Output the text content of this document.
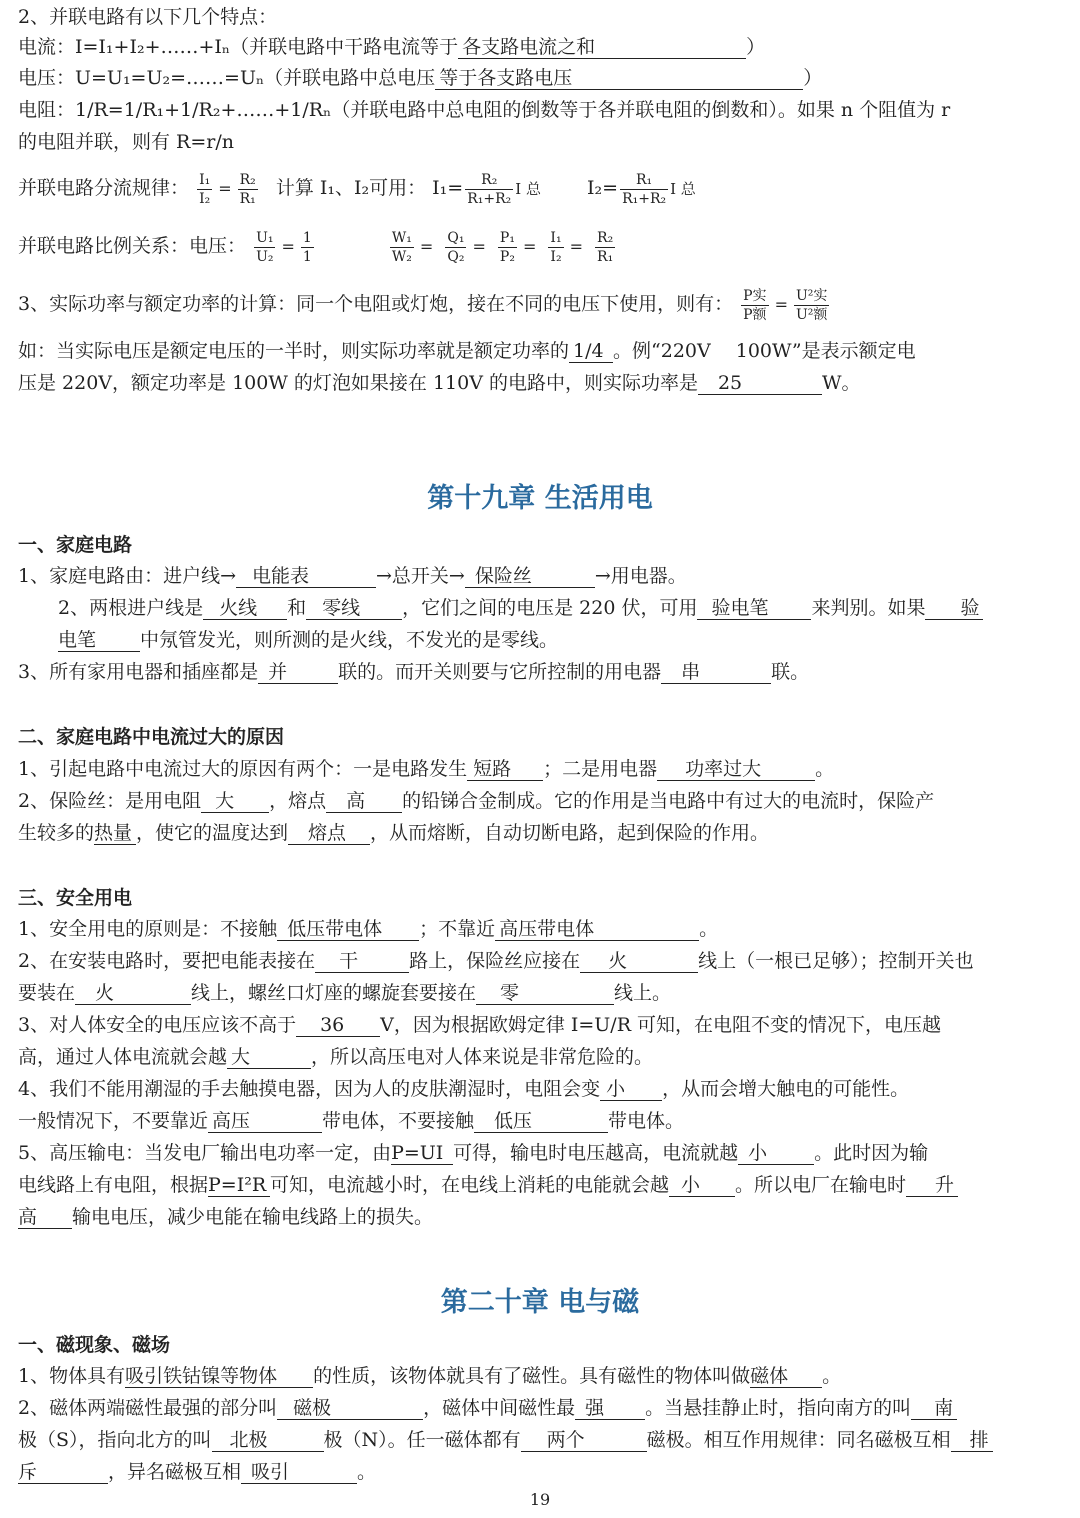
2、并联电路有以下几个特点：
电流：I=I₁+I₂+……+Iₙ（并联电路中干路电流等于 各支路电流之和	）
电压：U=U₁=U₂=……=Uₙ（并联电路中总电压 等于各支路电压	）
电阻：1/R=1/R₁+1/R₂+……+1/Rₙ（并联电路中总电阻的倒数等于各并联电阻的倒数和）。如果 n 个阻值为 r
的电阻并联，则有 R=r/n
并联电路分流规律： $\frac{\text{I₁}}{\text{I₂}} = \frac{\text{R₂}}{\text{R₁}}$ 计算 I₁、I₂可用： $I_1= \frac{\text{R₂}}{\text{R₁+R₂}}$ I 总 $I_2= \frac{\text{R₁}}{\text{R₁+R₂}}$ I 总
并联电路比例关系：电压： $\frac{\text{U₁}}{\text{U₂}} = \frac{1}{1}$
	$\frac{\text{W₁}}{\text{W₂}} = \frac{\text{Q₁}}{\text{Q₂}} = \frac{\text{P₁}}{\text{P₂}} = \frac{\text{I₁}}{\text{I₂}} = \frac{\text{R₂}}{\text{R₁}}$
3、实际功率与额定功率的计算：同一个电阻或灯炮，接在不同的电压下使用，则有： $\frac{\text{P实}}{\text{P额}} = \frac{\text{U²实}}{\text{U²额}}$
如：当实际电压是额定电压的一半时，则实际功率就是额定功率的 1/4 。例“220V　 100W”是表示额定电
压是 220V，额定功率是 100W 的灯泡如果接在 110V 的电路中，则实际功率是 25	W。
第十九章 生活用电
一、家庭电路
1、家庭电路由：进户线→ 电能表	→总开关→ 保险丝	→用电器。
2、两根进户线是 火线 和 零线 ，它们之间的电压是 220 伏，可用 验电笔 来判别。如果 验
电笔 中氖管发光，则所测的是火线，不发光的是零线。
3、所有家用电器和插座都是 并	联的。而开关则要与它所控制的用电器 串	联。
二、家庭电路中电流过大的原因
1、引起电路中电流过大的原因有两个：一是电路发生 短路 ；二是用电器 功率过大	。
2、保险丝：是用电阻 大 ，熔点 高 的铅锑合金制成。它的作用是当电路中有过大的电流时，保险产
生较多的热量 ，使它的温度达到 熔点 ，从而熔断，自动切断电路，起到保险的作用。
三、安全用电
1、安全用电的原则是：不接触 低压带电体 ；不靠近 高压带电体	。
2、在安装电路时，要把电能表接在 干	路上，保险丝应接在 火	线上（一根已足够）；控制开关也
要装在 火	线上，螺丝口灯座的螺旋套要接在 零	线上。
3、对人体安全的电压应该不高于 36 V，因为根据欧姆定律 I=U/R 可知，在电阻不变的情况下，电压越
高，通过人体电流就会越 大	，所以高压电对人体来说是非常危险的。
4、我们不能用潮湿的手去触摸电器，因为人的皮肤潮湿时，电阻会变 小 ，从而会增大触电的可能性。
一般情况下，不要靠近 高压	带电体，不要接触 低压	带电体。
5、高压输电：当发电厂输出电功率一定，由P=UI 可得，输电时电压越高，电流就越 小 。此时因为输
电线路上有电阻，根据P=I²R 可知，电流越小时，在电线上消耗的电能就会越 小 。所以电厂在输电时 升
高 输电电压，减少电能在输电线路上的损失。
第二十章 电与磁
一、磁现象、磁场
1、物体具有吸引铁钴镍等物体 的性质，该物体就具有了磁性。具有磁性的物体叫做磁体 。
2、磁体两端磁性最强的部分叫 磁极	，磁体中间磁性最 强 。当悬挂静止时，指向南方的叫 南
极（S），指向北方的叫 北极	极（N）。任一磁体都有 两个	磁极。相互作用规律：同名磁极互相 排
斥	，异名磁极互相 吸引	。
19
